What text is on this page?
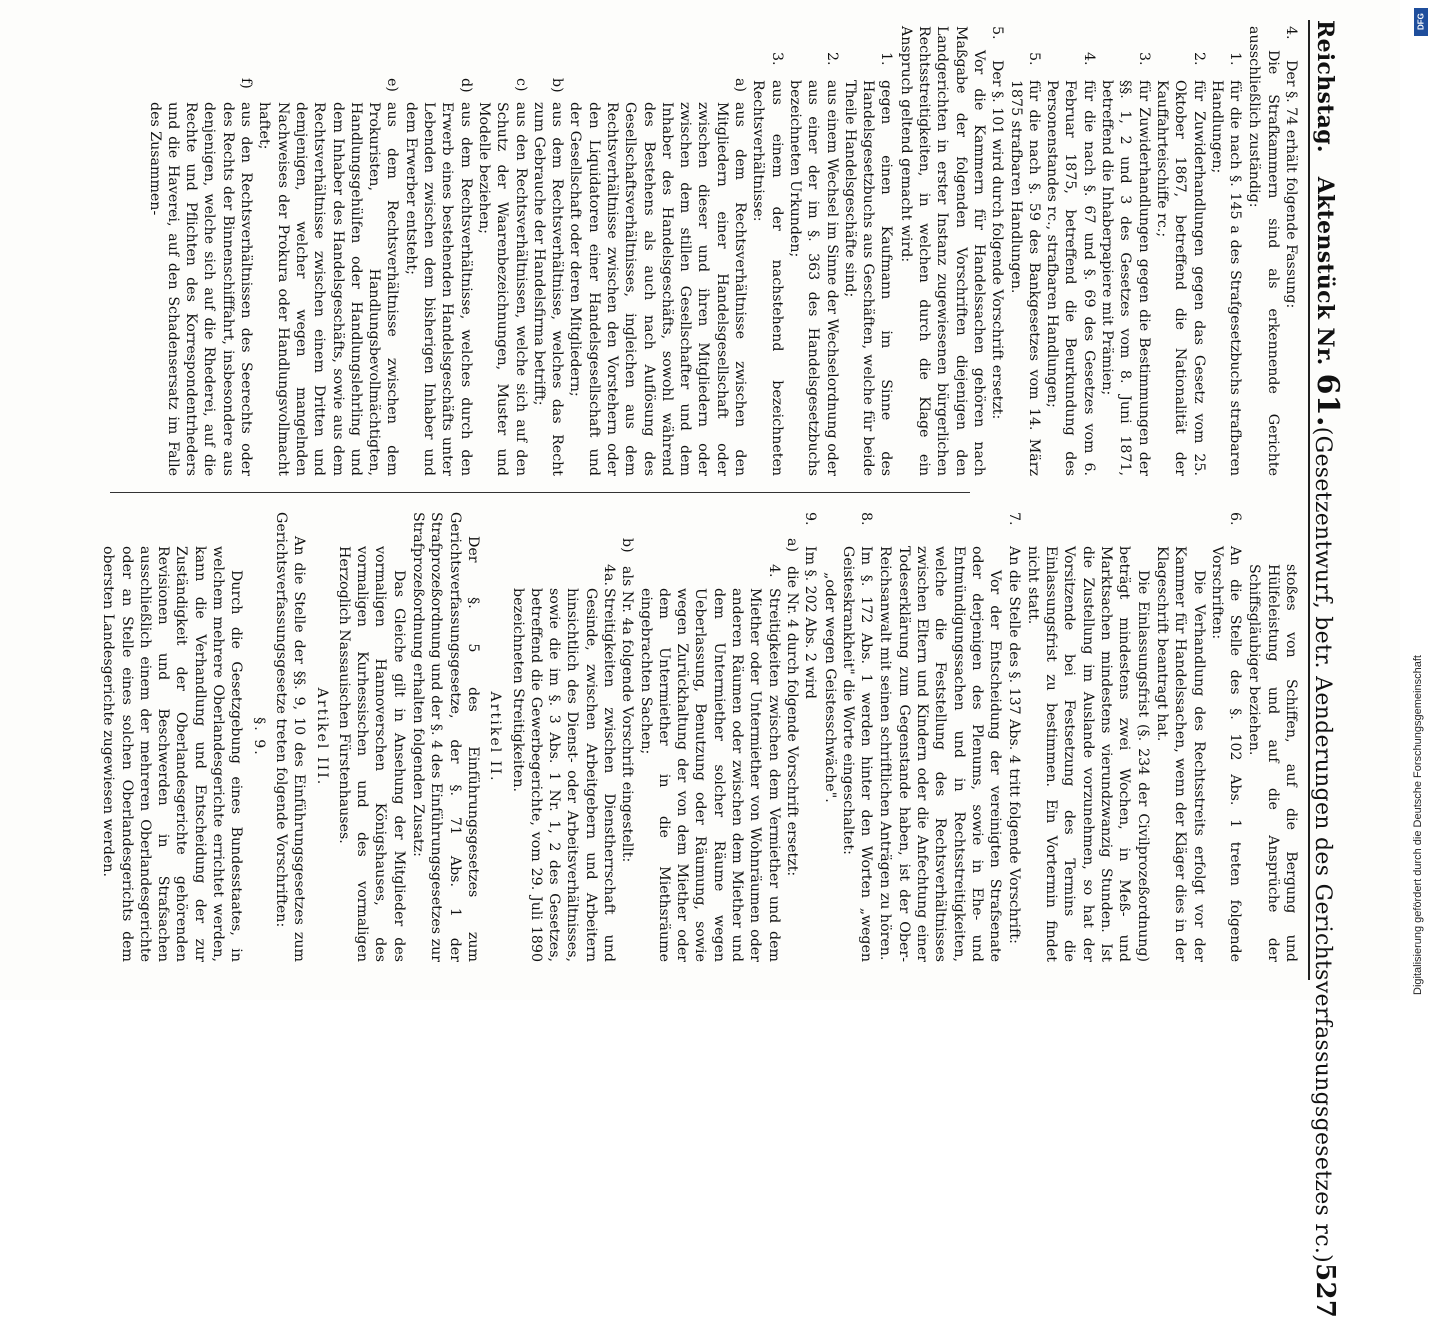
Reichstag.   Aktenstück Nr. 61.
(Gesetzentwurf, betr. Aenderungen des Gerichtsverfassungsgesetzes rc.)
527
4.
Der §. 74 erhält folgende Fassung:

Die Strafkammern sind als erkennende Gerichte ausschließlich zuständig:

1.
für die nach §. 145 a des Strafgesetzbuchs strafbaren Handlungen;
2.
für Zuwiderhandlungen gegen das Gesetz vom 25. Oktober 1867, betreffend die Nationalität der Kauffahrteischiffe rc.;
3.
für Zuwiderhandlungen gegen die Bestimmungen der §§. 1, 2 und 3 des Gesetzes vom 8. Juni 1871, betreffend die Inhaberpapiere mit Prämien;
4.
für die nach §. 67 und §. 69 des Gesetzes vom 6. Februar 1875, betreffend die Beurkundung des Personenstandes rc., strafbaren Handlungen;
5.
für die nach §. 59 des Bankgesetzes vom 14. März 1875 strafbaren Handlungen.
5.
Der §. 101 wird durch folgende Vorschrift ersetzt:

Vor die Kammern für Handelssachen gehören nach Maßgabe der folgenden Vorschriften diejenigen den Landgerichten in erster Instanz zugewiesenen bürgerlichen Rechtsstreitigkeiten, in welchen durch die Klage ein Anspruch geltend gemacht wird:

1.
gegen einen Kaufmann im Sinne des Handelsgesetzbuchs aus Geschäften, welche für beide Theile Handelsgeschäfte sind;
2.
aus einem Wechsel im Sinne der Wechselordnung oder aus einer der im §. 363 des Handelsgesetzbuchs bezeichneten Urkunden;
3.
aus einem der nachstehend bezeichneten Rechtsverhältnisse:
a)
aus dem Rechtsverhältnisse zwischen den Mitgliedern einer Handelsgesellschaft oder zwischen dieser und ihren Mitgliedern oder zwischen dem stillen Gesellschafter und dem Inhaber des Handelsgeschäfts, sowohl während des Bestehens als auch nach Auflösung des Gesellschaftsverhältnisses, ingleichen aus dem Rechtsverhältnisse zwischen den Vorstehern oder den Liquidatoren einer Handelsgesellschaft und der Gesellschaft oder deren Mitgliedern;
b)
aus dem Rechtsverhältnisse, welches das Recht zum Gebrauche der Handelsfirma betrifft;
c)
aus den Rechtsverhältnissen, welche sich auf den Schutz der Waarenbezeichnungen, Muster und Modelle beziehen;
d)
aus dem Rechtsverhältnisse, welches durch den Erwerb eines bestehenden Handelsgeschäfts unter Lebenden zwischen dem bisherigen Inhaber und dem Erwerber entsteht;
e)
aus dem Rechtsverhältnisse zwischen dem Prokuristen, Handlungsbevollmächtigten, Handlungsgehülfen oder Handlungslehrling und dem Inhaber des Handelsgeschäfts, sowie aus dem Rechtsverhältnisse zwischen einem Dritten und demjenigen, welcher wegen mangelnden Nachweises der Prokura oder Handlungsvollmacht haftet;
f)
aus den Rechtsverhältnissen des Seerechts oder des Rechts der Binnenschifffahrt, insbesondere aus denjenigen, welche sich auf die Rhederei, auf die Rechte und Pflichten des Korrespondentrheders und die Haverei, auf den Schadensersatz im Falle des Zusammen-

stoßes von Schiffen, auf die Bergung und Hülfeleistung und auf die Ansprüche der Schiffsgläubiger beziehen.

6.
An die Stelle des §. 102 Abs. 1 treten folgende Vorschriften:

Die Verhandlung des Rechtsstreits erfolgt vor der Kammer für Handelssachen, wenn der Kläger dies in der Klageschrift beantragt hat.

Die Einlassungsfrist (§. 234 der Civilprozeßordnung) beträgt mindestens zwei Wochen, in Meß- und Marktsachen mindestens vierundzwanzig Stunden. Ist die Zustellung im Auslande vorzunehmen, so hat der Vorsitzende bei Festsetzung des Termins die Einlassungsfrist zu bestimmen. Ein Vortermin findet nicht statt.

7.
An die Stelle des §. 137 Abs. 4 tritt folgende Vorschrift:

Vor der Entscheidung der vereinigten Strafsenate oder derjenigen des Plenums, sowie in Ehe- und Entmündigungssachen und in Rechtsstreitigkeiten, welche die Feststellung des Rechtsverhältnisses zwischen Eltern und Kindern oder die Anfechtung einer Todeserklärung zum Gegenstande haben, ist der Ober-Reichsanwalt mit seinen schriftlichen Anträgen zu hören.

8.
Im §. 172 Abs. 1 werden hinter den Worten „wegen Geisteskrankheit" die Worte eingeschaltet:

„oder wegen Geistesschwäche".

9.
Im §. 202 Abs. 2 wird
a)
die Nr. 4 durch folgende Vorschrift ersetzt:
4.
Streitigkeiten zwischen dem Vermiether und dem Miether oder Untermiether von Wohnräumen oder anderen Räumen oder zwischen dem Miether und dem Untermiether solcher Räume wegen Ueberlassung, Benutzung oder Räumung, sowie wegen Zurückhaltung der von dem Miether oder dem Untermiether in die Miethsräume eingebrachten Sachen;
b)
als Nr. 4a folgende Vorschrift eingestellt:
4a.
Streitigkeiten zwischen Dienstherrschaft und Gesinde, zwischen Arbeitgebern und Arbeitern hinsichtlich des Dienst- oder Arbeitsverhältnisses, sowie die im §. 3 Abs. 1 Nr. 1, 2 des Gesetzes, betreffend die Gewerbegerichte, vom 29. Juli 1890 bezeichneten Streitigkeiten.
Artikel II.

Der §. 5 des Einführungsgesetzes zum Gerichtsverfassungsgesetze, der §. 71 Abs. 1 der Strafprozeßordnung und der §. 4 des Einführungsgesetzes zur Strafprozeßordnung erhalten folgenden Zusatz:

Das Gleiche gilt in Ansehung der Mitglieder des vormaligen Hannoverschen Königshauses, des vormaligen Kurhessischen und des vormaligen Herzoglich Nassauischen Fürstenhauses.

Artikel III.

An die Stelle der §§. 9, 10 des Einführungsgesetzes zum Gerichtsverfassungsgesetze treten folgende Vorschriften:

§. 9.

Durch die Gesetzgebung eines Bundesstaates, in welchem mehrere Oberlandesgerichte errichtet werden, kann die Verhandlung und Entscheidung der zur Zuständigkeit der Oberlandesgerichte gehörenden Revisionen und Beschwerden in Strafsachen ausschließlich einem der mehreren Oberlandesgerichte oder an Stelle eines solchen Oberlandesgerichts dem obersten Landesgerichte zugewiesen werden.

DFG
Digitalisierung gefördert durch die Deutsche Forschungsgemeinschaft
